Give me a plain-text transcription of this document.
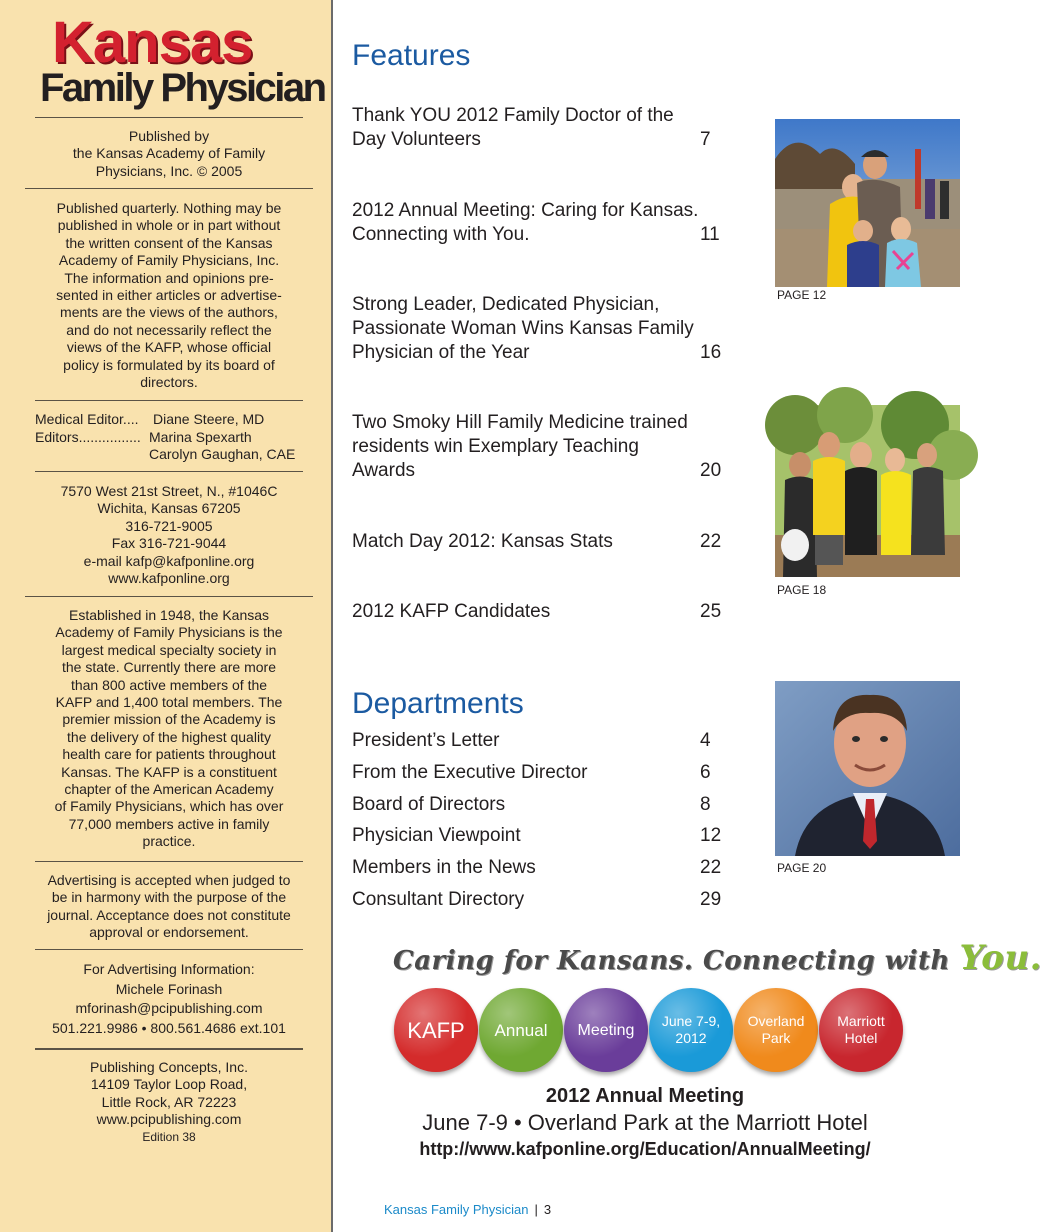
Kansas
Family Physician
Published by
the Kansas Academy of Family
Physicians, Inc. © 2005
Published quarterly. Nothing may be
published in whole or in part without
the written consent of the Kansas
Academy of Family Physicians, Inc.
The information and opinions pre-
sented in either articles or advertise-
ments are the views of the authors,
and do not necessarily reflect the
views of the KAFP, whose official
policy is formulated by its board of
directors.
Medical Editor.... Diane Steere, MD
Editors................ Marina Spexarth
Carolyn Gaughan, CAE
7570 West 21st Street, N., #1046C
Wichita, Kansas 67205
316-721-9005
Fax 316-721-9044
e-mail kafp@kafponline.org
www.kafponline.org
Established in 1948, the Kansas
Academy of Family Physicians is the
largest medical specialty society in
the state. Currently there are more
than 800 active members of the
KAFP and 1,400 total members. The
premier mission of the Academy is
the delivery of the highest quality
health care for patients throughout
Kansas. The KAFP is a constituent
chapter of the American Academy
of Family Physicians, which has over
77,000 members active in family
practice.
Advertising is accepted when judged to
be in harmony with the purpose of the
journal. Acceptance does not constitute
approval or endorsement.
For Advertising Information:
Michele Forinash
mforinash@pcipublishing.com
501.221.9986 • 800.561.4686 ext.101
Publishing Concepts, Inc.
14109 Taylor Loop Road,
Little Rock, AR 72223
www.pcipublishing.com
Edition 38
Features
Thank YOU 2012 Family Doctor of the
Day Volunteers	7
2012 Annual Meeting: Caring for Kansas.
Connecting with You.	11
Strong Leader, Dedicated Physician,
Passionate Woman Wins Kansas Family
Physician of the Year	16
Two Smoky Hill Family Medicine trained
residents win Exemplary Teaching
Awards	20
Match Day 2012: Kansas Stats	22
2012 KAFP Candidates	25
Departments
President’s Letter	4
From the Executive Director	6
Board of Directors	8
Physician Viewpoint	12
Members in the News	22
Consultant Directory	29
PAGE 12
PAGE 18
PAGE 20
Caring for Kansans. Connecting with You.
KAFP	Annual	Meeting
June 7-9, 2012
Overland Park
Marriott Hotel
2012 Annual Meeting
June 7-9 • Overland Park at the Marriott Hotel
http://www.kafponline.org/Education/AnnualMeeting/
Kansas Family Physician | 3
